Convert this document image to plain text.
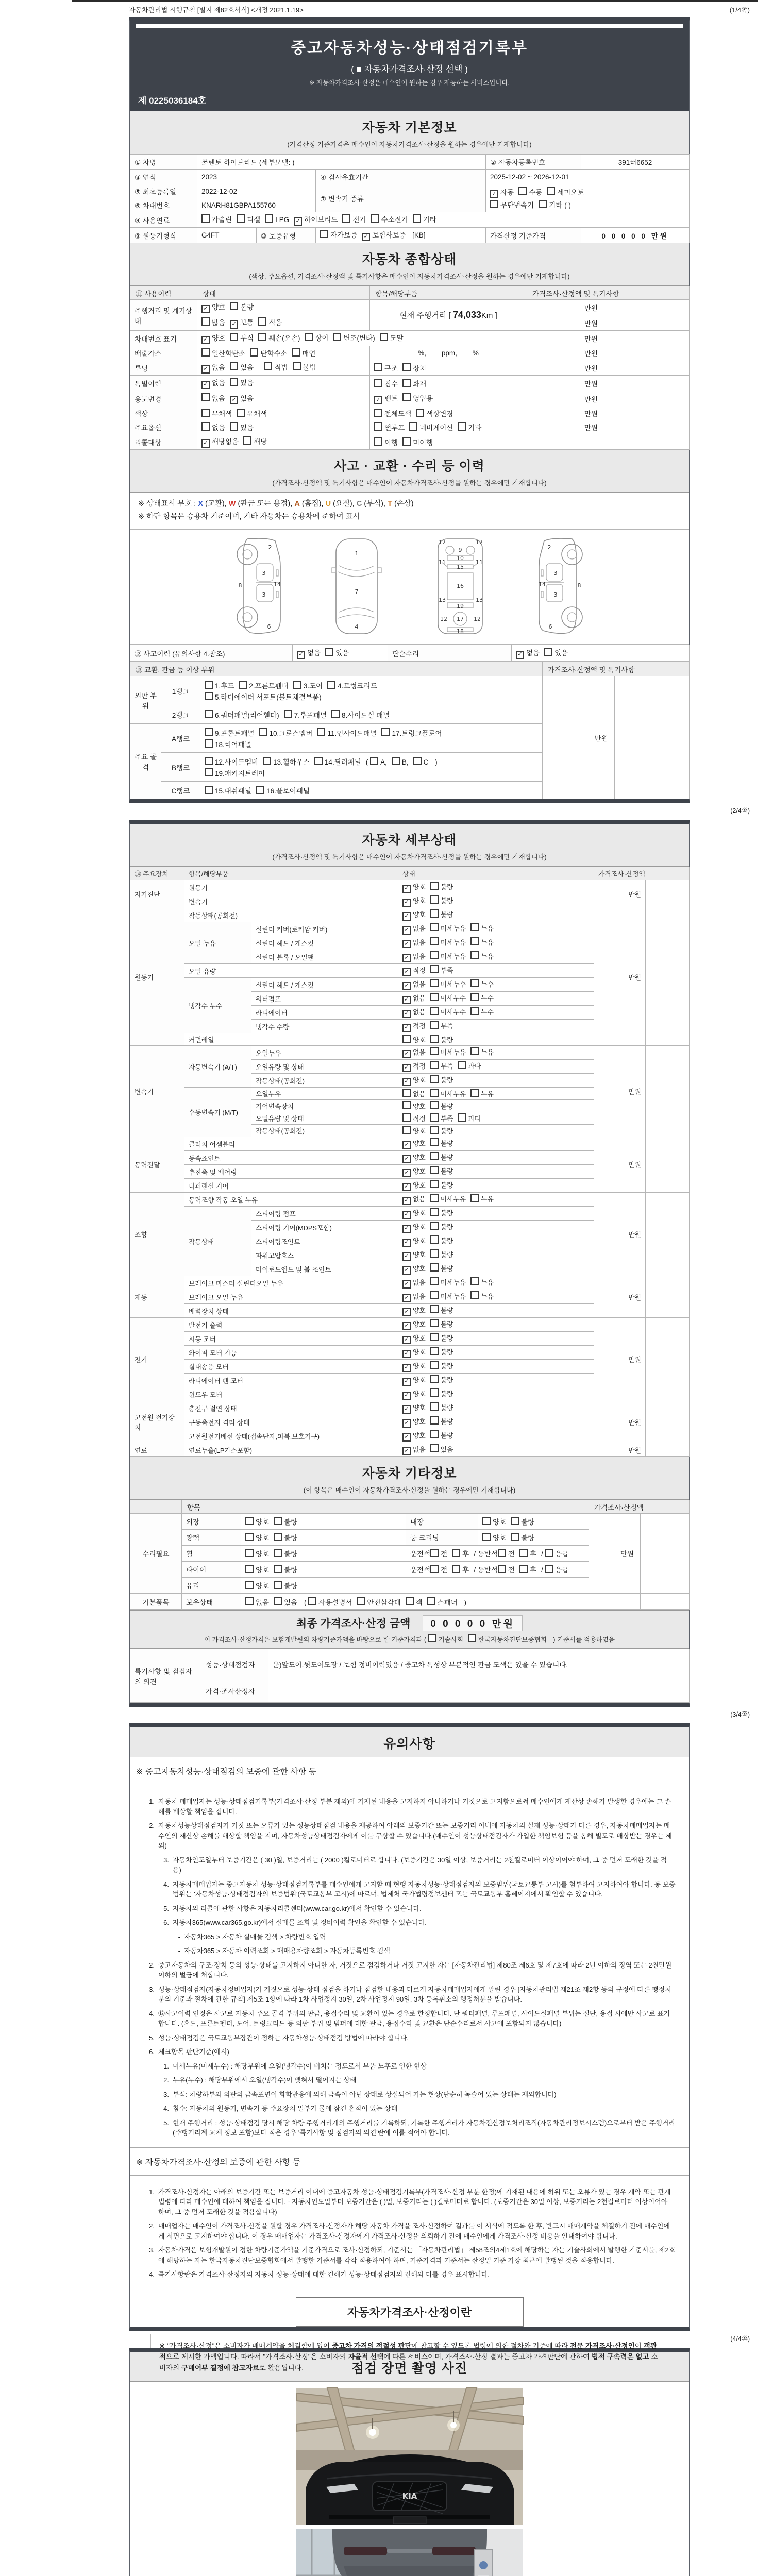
자동차관리법 시행규칙 [별지 제82호서식] <개정 2021.1.19>	(1/4쪽)
중고자동차성능·상태점검기록부
( ■ 자동차가격조사·산정 선택 )
※ 자동차가격조사·산정은 매수인이 원하는 경우 제공하는 서비스입니다.
제 0225036184호
자동차 기본정보
(가격산정 기준가격은 매수인이 자동차가격조사·산정을 원하는 경우에만 기재합니다)
① 차명	쏘렌토 하이브리드 (세부모델: )			② 자동차등록번호	391러6652
③ 연식	2023		④ 검사유효기간	2025-12-02 ~ 2026-12-01	
⑤ 최초등록일	2022-12-02		⑦ 변속기 종류	✓ 자동 수동 세미오토
무단변속기 기타 ( )	

⑥ 차대번호	KNARH81GBPA155760				
⑧ 사용연료	가솔린 디젤 LPG ✓ 하이브리드 전기 수소전기 기타				

⑨ 원동기형식	G4FT	⑩ 보증유형	자가보증 ✓ 보험사보증 [KB]	가격산정 기준가격	0 0 0 0 0 만원
자동차 종합상태
(색상, 주요옵션, 가격조사·산정액 및 특기사항은 매수인이 자동차가격조사·산정을 원하는 경우에만 기재합니다)
⑪ 사용이력	상태	항목/해당부품	가격조사·산정액 및 특기사항	
주행거리 및 계기상태	✓ 양호 불량	현재 주행거리 [ 74,033Km ]	만원	

	많음 ✓ 보통 적음		만원	
차대번호 표기	✓ 양호 부식 훼손(오손) 상이 변조(변타) 도말		만원	
배출가스	일산화탄소 탄화수소 매연	%,        ppm,        %	만원	
튜닝	✓ 없음 있음 적법 불법	구조 장치	만원	
특별이력	✓ 없음 있음	침수 화재	만원	
용도변경	없음 ✓ 있음	✓ 렌트 영업용	만원	
색상	무채색 유채색	전체도색 색상변경	만원	
주요옵션	없음 있음	썬루프 네비게이션 기타	만원	
리콜대상	✓ 해당없음 해당	이행 미이행		

사고 · 교환 · 수리 등 이력
(가격조사·산정액 및 특기사항은 매수인이 자동차가격조사·산정을 원하는 경우에만 기재합니다)
※ 상태표시 부호 : X (교환), W (판금 또는 용접), A (흠집), U (요철), C (부식), T (손상)
※ 하단 항목은 승용차 기준이며, 기타 자동차는 승용차에 준하여 표시
2
8
3
14
3
6
1
7
4
12	12
9
10
15
16
11	11
13	13
19
12 17 12
18
2
8
3
14
3
6
⑫ 사고이력 (유의사항 4.참조)	✓ 없음 있음	단순수리	✓ 없음 있음
⑬ 교환, 판금 등 이상 부위			가격조사·산정액 및 특기사항	
외판 부위	1랭크	1.후드 2.프론트휀더 3.도어 4.트렁크리드
5.라디에이터 서포트(볼트체결부품)	만원	
	2랭크	6.쿼터패널(리어휀다) 7.루프패널 8.사이드실 패널		

주요 골격	A랭크	9.프론트패널 10.크로스멤버 11.인사이드패널 17.트렁크플로어
18.리어패널		

	B랭크	12.사이드멤버 13.휠하우스 14.필러패널 ( A, B, C )
19.패키지트레이		

	C랭크	15.대쉬패널 16.플로어패널		
(2/4쪽)
자동차 세부상태
(가격조사·산정액 및 특기사항은 매수인이 자동차가격조사·산정을 원하는 경우에만 기재합니다)
⑭ 주요장치	항목/해당부품		상태	가격조사·산정액	
자기진단	원동기		✓ 양호 불량	만원	
	변속기		✓ 양호 불량		

원동기	작동상태(공회전)		✓ 양호 불량	만원	
	오일 누유	실린더 커버(로커암 커버)	✓ 없음 미세누유 누유		

		실린더 헤드 / 개스킷	✓ 없음 미세누유 누유		

		실린더 블록 / 오일팬	✓ 없음 미세누유 누유		

	오일 유량		✓ 적정 부족		

	냉각수 누수	실린더 헤드 / 개스킷	✓ 없음 미세누수 누수		

		워터펌프	✓ 없음 미세누수 누수		

		라디에이터	✓ 없음 미세누수 누수		

		냉각수 수량	✓ 적정 부족		

	커먼레일		양호 불량		

변속기	자동변속기 (A/T)	오일누유	✓ 없음 미세누유 누유	만원	
		오일유량 및 상태	✓ 적정 부족 과다		

		작동상태(공회전)	✓ 양호 불량		

	수동변속기 (M/T)	오일누유	없음 미세누유 누유		

		기어변속장치	양호 불량		

		오일유량 및 상태	적정 부족 과다		

		작동상태(공회전)	양호 불량		

동력전달	클러치 어셈블리		✓ 양호 불량	만원	
	등속죠인트		✓ 양호 불량		

	추진축 및 베어링		✓ 양호 불량		

	디퍼렌셜 기어		✓ 양호 불량		

조향	동력조향 작동 오일 누유		✓ 없음 미세누유 누유	만원	
	작동상태	스티어링 펌프	✓ 양호 불량		

		스티어링 기어(MDPS포함)	✓ 양호 불량		

		스티어링조인트	✓ 양호 불량		

		파워고압호스	✓ 양호 불량		

		타이로드엔드 및 볼 조인트	✓ 양호 불량		

제동	브레이크 마스터 실린더오일 누유		✓ 없음 미세누유 누유	만원	
	브레이크 오일 누유		✓ 없음 미세누유 누유		

	배력장치 상태		✓ 양호 불량		

전기	발전기 출력		✓ 양호 불량	만원	
	시동 모터		✓ 양호 불량		

	와이퍼 모터 기능		✓ 양호 불량		

	실내송풍 모터		✓ 양호 불량		

	라디에이터 팬 모터		✓ 양호 불량		

	윈도우 모터		✓ 양호 불량		

고전원 전기장치	충전구 절연 상태		✓ 양호 불량	만원	
	구동축전지 격리 상태		✓ 양호 불량		

	고전원전기배선 상태(접속단자,피복,보호기구)		✓ 양호 불량		

연료	연료누출(LP가스포함)		✓ 없음 있음	만원	
자동차 기타정보
(이 항목은 매수인이 자동차가격조사·산정을 원하는 경우에만 기재합니다)
	항목				가격조사·산정액	
수리필요	외장	양호 불량	내장	양호 불량	만원	
	광택	양호 불량	룸 크리닝	양호 불량		

	휠	양호 불량	운전석 전 후 / 동반석 전 후 / 응급			

	타이어	양호 불량	운전석 전 후 / 동반석 전 후 / 응급			

	유리	양호 불량				

기본품목	보유상태	없음 있음 ( 사용설명서 안전삼각대 잭 스패너 )				

최종 가격조사·산정 금액 0 0 0 0 0 만원
이 가격조사·산정가격은 보험개발원의 차량기준가액을 바탕으로 한 기준가격과 ( 기술사회 한국자동차진단보증협회 ) 기준서를 적용하였음
특기사항 및 점검자의 의견	성능·상태점검자	운)앞도어.뒷도어도장 / 보험 정비이력있음 / 중고차 특성상 부분적인 판금 도색은 있을 수 있습니다.
	가격·조사산정자	
(3/4쪽)
유의사항
※ 중고자동차성능·상태점검의 보증에 관한 사항 등
1. 자동차 매매업자는 성능·상태점검기록부(가격조사·산정 부분 제외)에 기재된 내용을 고지하지 아니하거나 거짓으로 고지함으로써 매수인에게 재산상 손해가 발생한 경우에는 그 손해를 배상할 책임을 집니다.
2. 자동차성능상태점검자가 거짓 또는 오류가 있는 성능상태점검 내용을 제공하여 아래의 보증기간 또는 보증거리 이내에 자동차의 실제 성능·상태가 다른 경우, 자동차매매업자는 매수인의 재산상 손해를 배상할 책임을 지며, 자동차성능상태점검자에게 이를 구상할 수 있습니다.(매수인이 성능상태점검자가 가입한 책임보험 등을 통해 별도로 배상받는 경우는 제외)
3. 자동차인도일부터 보증기간은 ( 30 )일, 보증거리는 ( 2000 )킬로미터로 합니다. (보증기간은 30일 이상, 보증거리는 2천킬로미터 이상이어야 하며, 그 중 먼저 도래한 것을 적용)
4. 자동차매매업자는 중고자동차 성능·상태점검기록부를 매수인에게 고지할 때 현행 자동차성능·상태점검자의 보증범위(국토교통부 고시)를 첨부하여 고지하여야 합니다. 동 보증범위는 '자동차성능·상태점검자의 보증범위'(국토교통부 고시)에 따르며, 법제처 국가법령정보센터 또는 국토교통부 홈페이지에서 확인할 수 있습니다.
5. 자동차의 리콜에 관한 사항은 자동차리콜센터(www.car.go.kr)에서 확인할 수 있습니다.
6. 자동차365(www.car365.go.kr)에서 실매물 조회 및 정비이력 확인을 확인할 수 있습니다.
- 자동차365 > 자동차 실매물 검색 > 차량번호 입력
- 자동차365 > 자동차 이력조회 > 매매용차량조회 > 자동차등록번호 검색
2. 중고자동차의 구조·장치 등의 성능·상태를 고지하지 아니한 자, 거짓으로 점검하거나 거짓 고지한 자는 [자동차관리법] 제80조 제6호 및 제7호에 따라 2년 이하의 징역 또는 2천만원 이하의 벌금에 처합니다.
3. 성능·상태점검자(자동차정비업자)가 거짓으로 성능·상태 점검을 하거나 점검한 내용과 다르게 자동차매매업자에게 알린 경우 [자동차관리법 제21조 제2항 등의 규정에 따른 행정처분의 기준과 절차에 관한 규칙] 제5조 1항에 따라 1차 사업정지 30일, 2차 사업정지 90일, 3차 등록취소의 행정처분을 받습니다.
4. ⑫사고이력 인정은 사고로 자동차 주요 골격 부위의 판금, 용접수리 및 교환이 있는 경우로 한정합니다. 단 쿼터패널, 루프패널, 사이드실패널 부위는 절단, 용접 시에만 사고로 표기합니다. (후드, 프론트펜더, 도어, 트렁크리드 등 외판 부위 및 범퍼에 대한 판금, 용접수리 및 교환은 단순수리로서 사고에 포함되지 않습니다)
5. 성능·상태점검은 국토교통부장관이 정하는 자동차성능·상태점검 방법에 따라야 합니다.
6. 체크항목 판단기준(예시)
1. 미세누유(미세누수) : 해당부위에 오일(냉각수)이 비치는 정도로서 부품 노후로 인한 현상
2. 누유(누수) : 해당부위에서 오일(냉각수)이 맺혀서 떨어지는 상태
3. 부식: 차량하부와 외판의 금속표면이 화학반응에 의해 금속이 아닌 상태로 상실되어 가는 현상(단순히 녹슬어 있는 상태는 제외합니다)
4. 침수: 자동차의 원동기, 변속기 등 주요장치 일부가 물에 잠긴 흔적이 있는 상태
5. 현재 주행거리 : 성능·상태점검 당시 해당 차량 주행거리계의 주행거리를 기록하되, 기록한 주행거리가 자동차전산정보처리조직(자동차관리정보시스템)으로부터 받은 주행거리(주행거리계 교체 정보 포함)보다 적은 경우 '특기사항 및 점검자의 의견'란에 이를 적어야 합니다.
※ 자동차가격조사·산정의 보증에 관한 사항 등
1. 가격조사·산정자는 아래의 보증기간 또는 보증거리 이내에 중고자동차 성능·상태점검기록부(가격조사·산정 부분 한정)에 기재된 내용에 허위 또는 오류가 있는 경우 계약 또는 관계법령에 따라 매수인에 대하여 책임을 집니다. · 자동차인도일부터 보증기간은 ( )일, 보증거리는 ( )킬로미터로 합니다. (보증기간은 30일 이상, 보증거리는 2천킬로미터 이상이어야 하며, 그 중 먼저 도래한 것을 적용합니다)
2. 매매업자는 매수인이 가격조사·산정을 원할 경우 가격조사·산정자가 해당 자동차 가격을 조사·산정하여 결과를 이 서식에 적도록 한 후, 반드시 매매계약을 체결하기 전에 매수인에게 서면으로 고지하여야 합니다. 이 경우 매매업자는 가격조사·산정자에게 가격조사·산정을 의뢰하기 전에 매수인에게 가격조사·산정 비용을 안내하여야 합니다.
3. 자동차가격은 보험개발원이 정한 차량기준가액을 기준가격으로 조사·산정하되, 기준서는 「자동차관리법」 제58조의4제1호에 해당하는 자는 기술사회에서 발행한 기준서를, 제2호에 해당하는 자는 한국자동차진단보증협회에서 발행한 기준서를 각각 적용하여야 하며, 기준가격과 기준서는 산정일 기준 가장 최근에 발행된 것을 적용합니다.
4. 특기사항란은 가격조사·산정자의 자동차 성능·상태에 대한 견해가 성능·상태점검자의 견해와 다를 경우 표시합니다.
자동차가격조사·산정이란
※ "가격조사·산정"은 소비자가 매매계약을 체결함에 있어 중고차 가격의 적절성 판단에 참고할 수 있도록 법령에 의한 절차와 기준에 따라 전문 가격조사·산정인이 객관적으로 제시한 가액입니다. 따라서 "가격조사·산정"은 소비자의 자율적 선택에 따른 서비스이며, 가격조사·산정 결과는 중고차 가격판단에 관하여 법적 구속력은 없고 소비자의 구매여부 결정에 참고자료로 활용됩니다.
(4/4쪽)
점검 장면 촬영 사진
KIA
